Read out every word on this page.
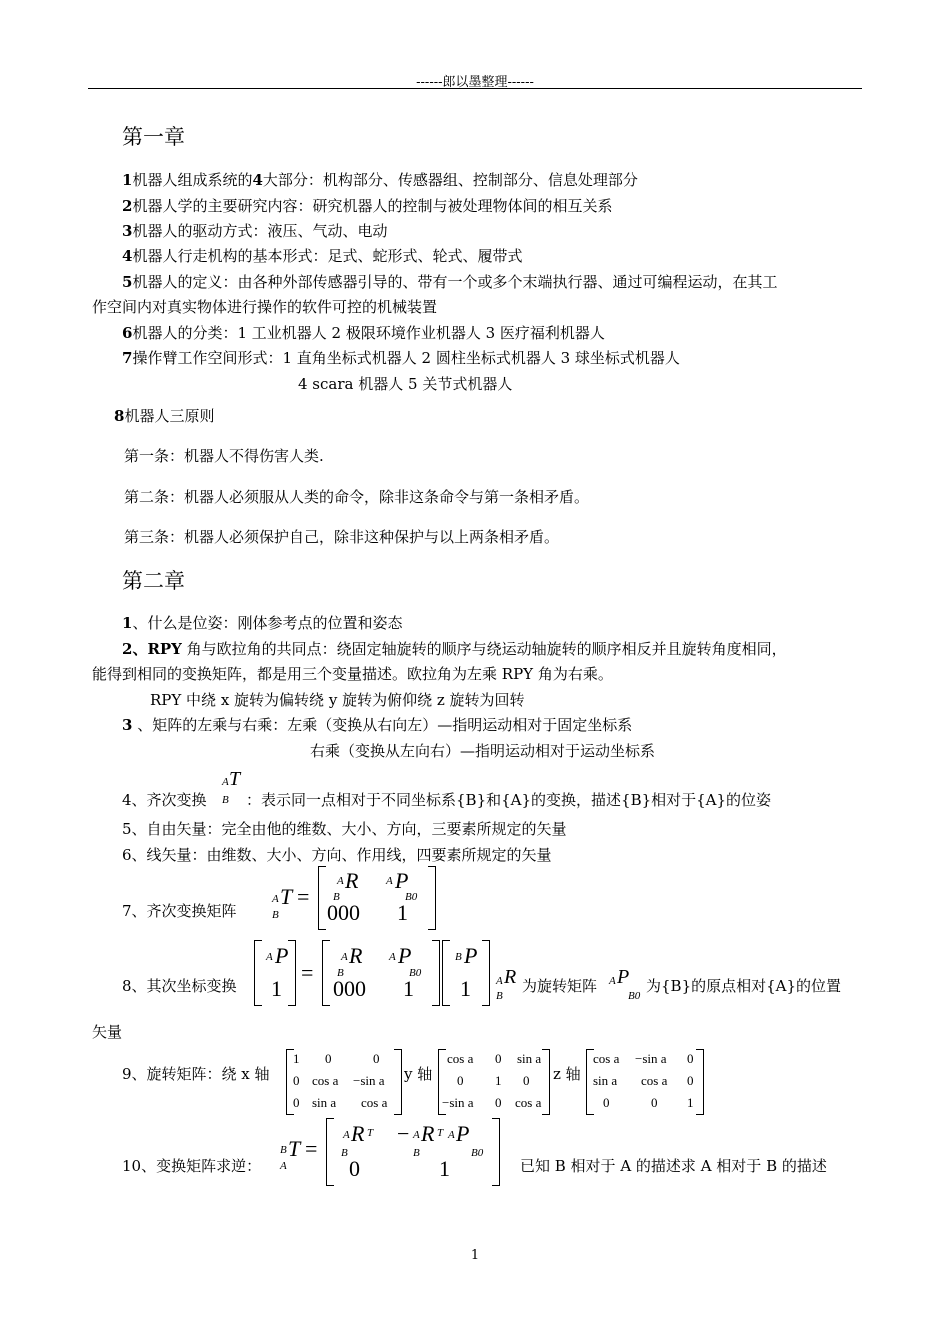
------郎以墨整理------
第一章
1机器人组成系统的4大部分：机构部分、传感器组、控制部分、信息处理部分
2机器人学的主要研究内容：研究机器人的控制与被处理物体间的相互关系
3机器人的驱动方式：液压、气动、电动
4机器人行走机构的基本形式：足式、蛇形式、轮式、履带式
5机器人的定义：由各种外部传感器引导的、带有一个或多个末端执行器、通过可编程运动，在其工
作空间内对真实物体进行操作的软件可控的机械装置
6机器人的分类：1 工业机器人 2 极限环境作业机器人 3 医疗福利机器人
7操作臂工作空间形式：1 直角坐标式机器人 2 圆柱坐标式机器人 3 球坐标式机器人
4 scara 机器人 5 关节式机器人
8机器人三原则
第一条：机器人不得伤害人类.
第二条：机器人必须服从人类的命令，除非这条命令与第一条相矛盾。
第三条：机器人必须保护自己，除非这种保护与以上两条相矛盾。
第二章
1、什么是位姿：刚体参考点的位置和姿态
2、RPY 角与欧拉角的共同点：绕固定轴旋转的顺序与绕运动轴旋转的顺序相反并且旋转角度相同，
能得到相同的变换矩阵，都是用三个变量描述。欧拉角为左乘 RPY 角为右乘。
RPY 中绕 x 旋转为偏转绕 y 旋转为俯仰绕 z 旋转为回转
3 、矩阵的左乘与右乘：左乘（变换从右向左）—指明运动相对于固定坐标系
右乘（变换从左向右）—指明运动相对于运动坐标系
4、齐次变换
A T
B ：表示同一点相对于不同坐标系{B}和{A}的变换，描述{B}相对于{A}的位姿
5、自由矢量：完全由他的维数、大小、方向，三要素所规定的矢量
6、线矢量：由维数、大小、方向、作用线，四要素所规定的矢量
7、齐次变换矩阵
A T
B
=
A R
B
A P
B0
000 1
8、其次坐标变换
A P
1
=
A R
B
A P
B0
000 1
B P
1 A R
B
为旋转矩阵 A P
B0
为{B}的原点相对{A}的位置
矢量
9、旋转矩阵：绕 x 轴
1 0	0
0 cos a −sin a
0 sin a cos a
y 轴
cos a 0 sin a
0 1 0
−sin a 0 cos a
z 轴
cos a −sin a 0
sin a cos a 0
0	0 1
10、变换矩阵求逆：
B T
A
=
A R T
B
− A R T
B
A P
B0
0	1	已知 B 相对于 A 的描述求 A 相对于 B 的描述
1
